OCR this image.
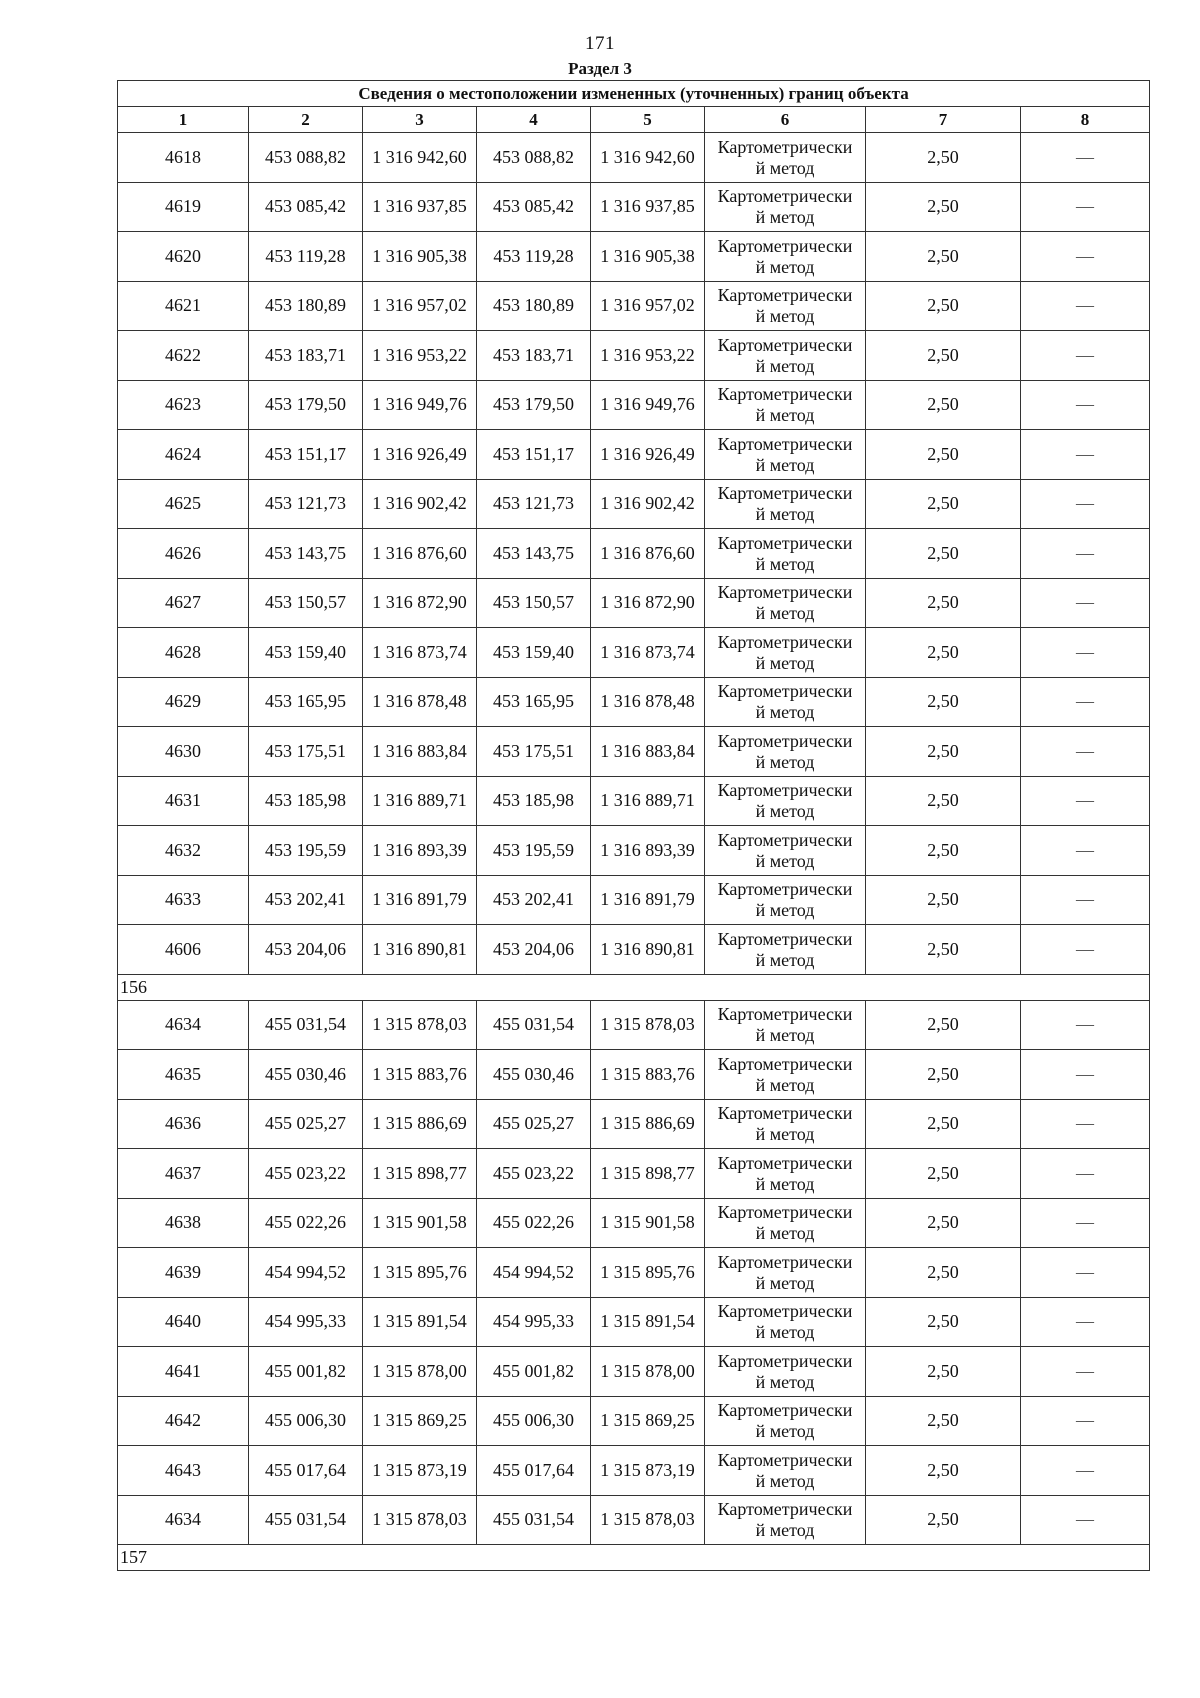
171
Раздел 3
Сведения о местоположении измененных (уточненных) границ объекта							
1	2	3	4	5	6	7	8
4618	453 088,82	1 316 942,60	453 088,82	1 316 942,60	Картометрически
й метод	2,50	—
4619	453 085,42	1 316 937,85	453 085,42	1 316 937,85	Картометрически
й метод	2,50	—
4620	453 119,28	1 316 905,38	453 119,28	1 316 905,38	Картометрически
й метод	2,50	—
4621	453 180,89	1 316 957,02	453 180,89	1 316 957,02	Картометрически
й метод	2,50	—
4622	453 183,71	1 316 953,22	453 183,71	1 316 953,22	Картометрически
й метод	2,50	—
4623	453 179,50	1 316 949,76	453 179,50	1 316 949,76	Картометрически
й метод	2,50	—
4624	453 151,17	1 316 926,49	453 151,17	1 316 926,49	Картометрически
й метод	2,50	—
4625	453 121,73	1 316 902,42	453 121,73	1 316 902,42	Картометрически
й метод	2,50	—
4626	453 143,75	1 316 876,60	453 143,75	1 316 876,60	Картометрически
й метод	2,50	—
4627	453 150,57	1 316 872,90	453 150,57	1 316 872,90	Картометрически
й метод	2,50	—
4628	453 159,40	1 316 873,74	453 159,40	1 316 873,74	Картометрически
й метод	2,50	—
4629	453 165,95	1 316 878,48	453 165,95	1 316 878,48	Картометрически
й метод	2,50	—
4630	453 175,51	1 316 883,84	453 175,51	1 316 883,84	Картометрически
й метод	2,50	—
4631	453 185,98	1 316 889,71	453 185,98	1 316 889,71	Картометрически
й метод	2,50	—
4632	453 195,59	1 316 893,39	453 195,59	1 316 893,39	Картометрически
й метод	2,50	—
4633	453 202,41	1 316 891,79	453 202,41	1 316 891,79	Картометрически
й метод	2,50	—
4606	453 204,06	1 316 890,81	453 204,06	1 316 890,81	Картометрически
й метод	2,50	—
156							
4634	455 031,54	1 315 878,03	455 031,54	1 315 878,03	Картометрически
й метод	2,50	—
4635	455 030,46	1 315 883,76	455 030,46	1 315 883,76	Картометрически
й метод	2,50	—
4636	455 025,27	1 315 886,69	455 025,27	1 315 886,69	Картометрически
й метод	2,50	—
4637	455 023,22	1 315 898,77	455 023,22	1 315 898,77	Картометрически
й метод	2,50	—
4638	455 022,26	1 315 901,58	455 022,26	1 315 901,58	Картометрически
й метод	2,50	—
4639	454 994,52	1 315 895,76	454 994,52	1 315 895,76	Картометрически
й метод	2,50	—
4640	454 995,33	1 315 891,54	454 995,33	1 315 891,54	Картометрически
й метод	2,50	—
4641	455 001,82	1 315 878,00	455 001,82	1 315 878,00	Картометрически
й метод	2,50	—
4642	455 006,30	1 315 869,25	455 006,30	1 315 869,25	Картометрически
й метод	2,50	—
4643	455 017,64	1 315 873,19	455 017,64	1 315 873,19	Картометрически
й метод	2,50	—
4634	455 031,54	1 315 878,03	455 031,54	1 315 878,03	Картометрически
й метод	2,50	—
157							
